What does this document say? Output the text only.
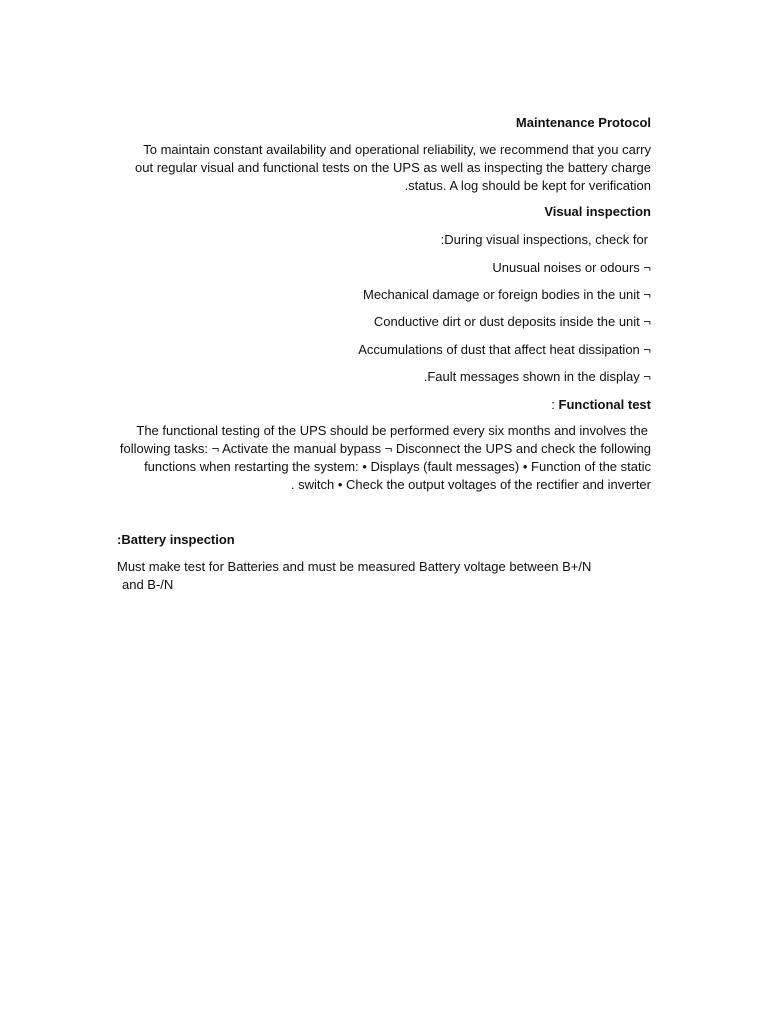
Maintenance Protocol
To maintain constant availability and operational reliability, we recommend that you carry
out regular visual and functional tests on the UPS as well as inspecting the battery charge
.status. A log should be kept for verification
Visual inspection
:During visual inspections, check for
Unusual noises or odours ¬
Mechanical damage or foreign bodies in the unit ¬
Conductive dirt or dust deposits inside the unit ¬
Accumulations of dust that affect heat dissipation ¬
.Fault messages shown in the display ¬
: Functional test
The functional testing of the UPS should be performed every six months and involves the
following tasks: ¬ Activate the manual bypass ¬ Disconnect the UPS and check the following
functions when restarting the system: • Displays (fault messages) • Function of the static
. switch • Check the output voltages of the rectifier and inverter
:Battery inspection
Must make test for Batteries and must be measured Battery voltage between B+/N
and B-/N
